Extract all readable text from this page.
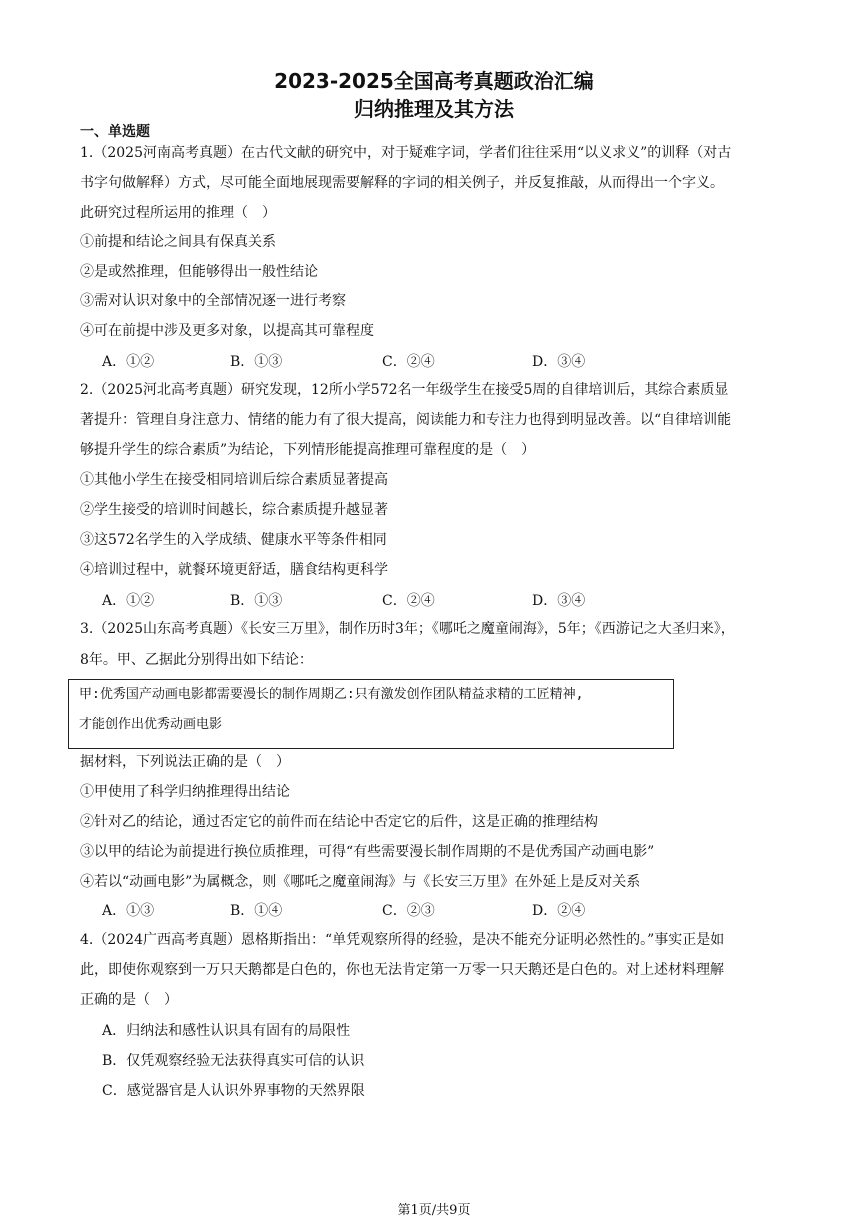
2023-2025全国高考真题政治汇编
归纳推理及其方法
一、单选题
1.（2025河南高考真题）在古代文献的研究中，对于疑难字词，学者们往往采用“以义求义”的训释（对古
书字句做解释）方式，尽可能全面地展现需要解释的字词的相关例子，并反复推敲，从而得出一个字义。
此研究过程所运用的推理（　）
①前提和结论之间具有保真关系
②是或然推理，但能够得出一般性结论
③需对认识对象中的全部情况逐一进行考察
④可在前提中涉及更多对象，以提高其可靠程度
A．①②	B．①③	C．②④	D．③④
2.（2025河北高考真题）研究发现，12所小学572名一年级学生在接受5周的自律培训后，其综合素质显
著提升：管理自身注意力、情绪的能力有了很大提高，阅读能力和专注力也得到明显改善。以“自律培训能
够提升学生的综合素质”为结论，下列情形能提高推理可靠程度的是（　）
①其他小学生在接受相同培训后综合素质显著提高
②学生接受的培训时间越长，综合素质提升越显著
③这572名学生的入学成绩、健康水平等条件相同
④培训过程中，就餐环境更舒适，膳食结构更科学
A．①②	B．①③	C．②④	D．③④
3.（2025山东高考真题）《长安三万里》，制作历时3年；《哪吒之魔童闹海》，5年；《西游记之大圣归来》，
8年。甲、乙据此分别得出如下结论：
甲:优秀国产动画电影都需要漫长的制作周期乙:只有激发创作团队精益求精的工匠精神,
才能创作出优秀动画电影
据材料，下列说法正确的是（　）
①甲使用了科学归纳推理得出结论
②针对乙的结论，通过否定它的前件而在结论中否定它的后件，这是正确的推理结构
③以甲的结论为前提进行换位质推理，可得“有些需要漫长制作周期的不是优秀国产动画电影”
④若以“动画电影”为属概念，则《哪吒之魔童闹海》与《长安三万里》在外延上是反对关系
A．①③	B．①④	C．②③	D．②④
4.（2024广西高考真题）恩格斯指出：“单凭观察所得的经验，是决不能充分证明必然性的。”事实正是如
此，即使你观察到一万只天鹅都是白色的，你也无法肯定第一万零一只天鹅还是白色的。对上述材料理解
正确的是（　）
A．归纳法和感性认识具有固有的局限性
B．仅凭观察经验无法获得真实可信的认识
C．感觉器官是人认识外界事物的天然界限
第1页/共9页
